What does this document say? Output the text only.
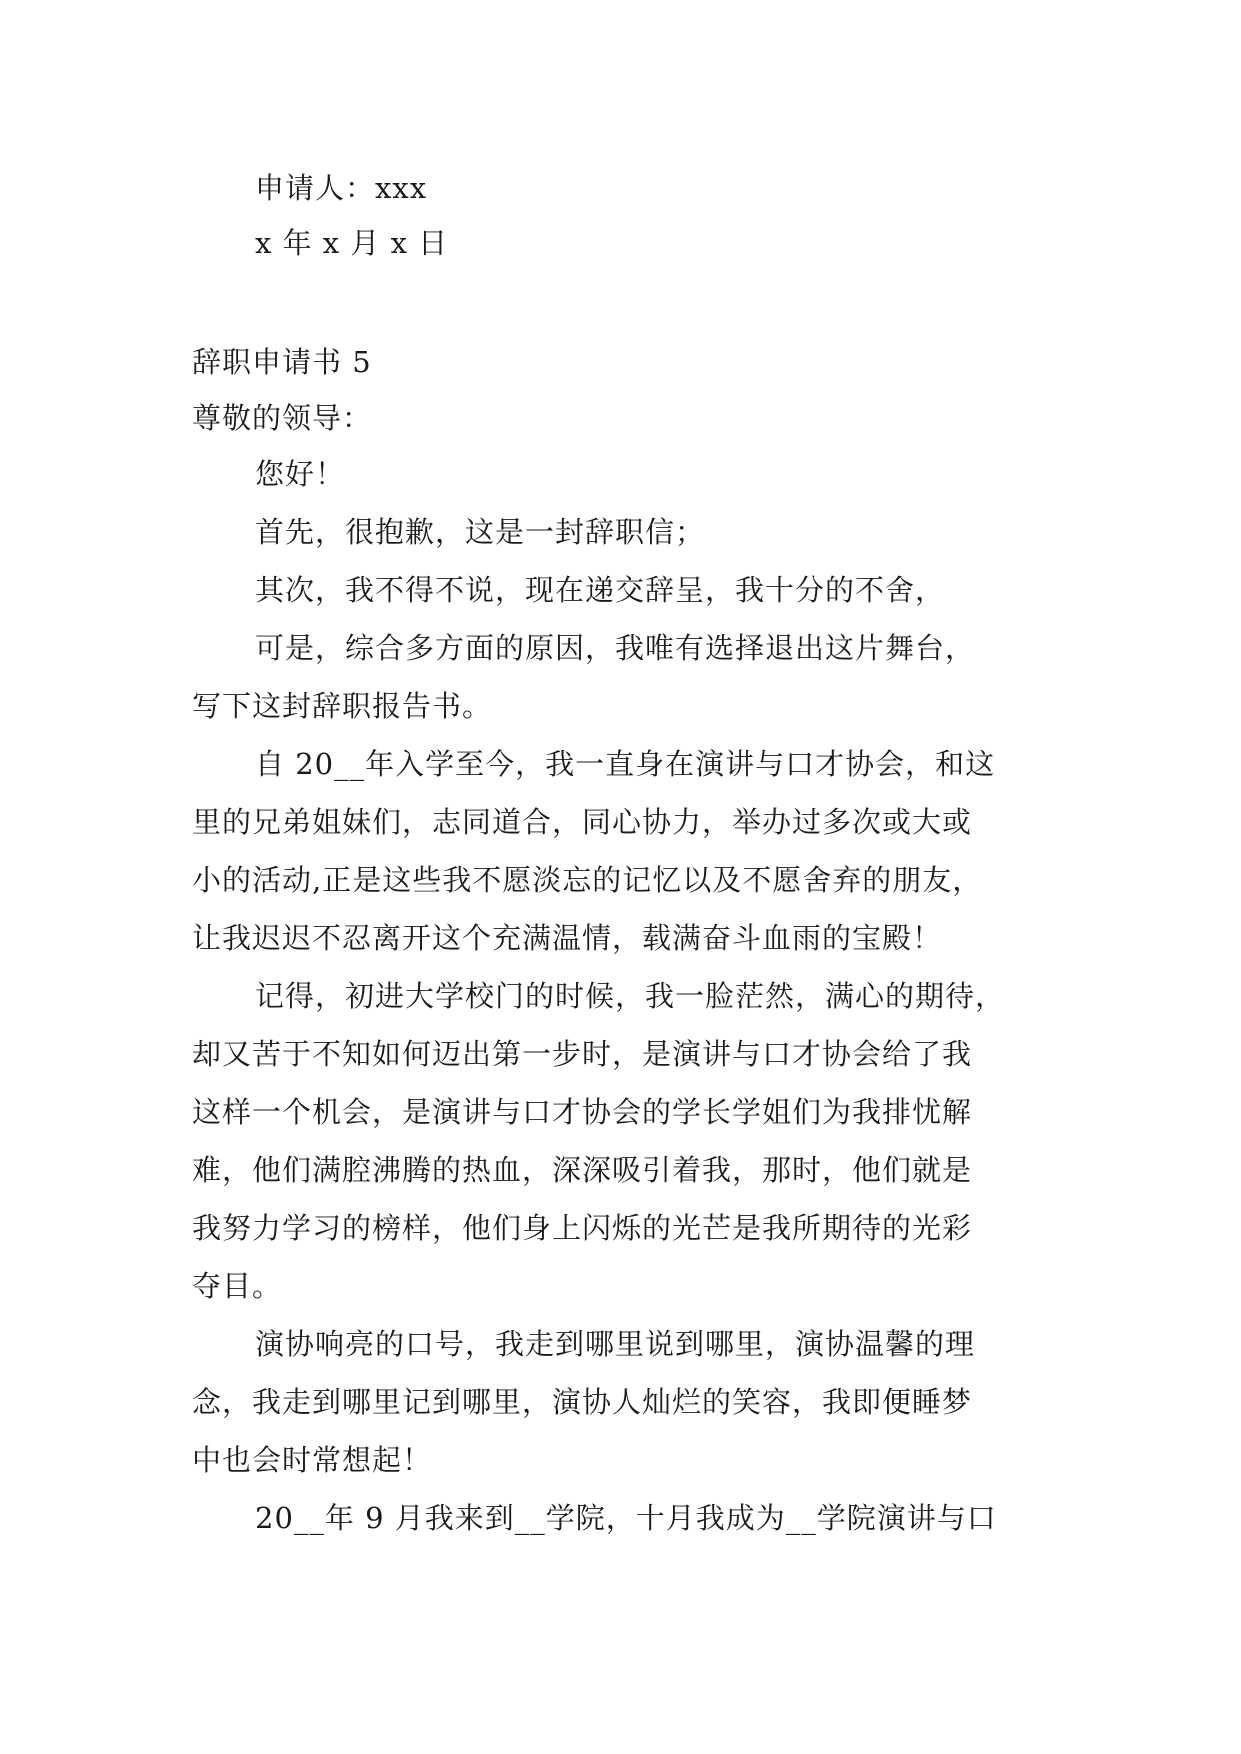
申请人：xxx
x 年 x 月 x 日
辞职申请书 5
尊敬的领导：
您好！
首先，很抱歉，这是一封辞职信；
其次，我不得不说，现在递交辞呈，我十分的不舍，
可是，综合多方面的原因，我唯有选择退出这片舞台，
写下这封辞职报告书。
自 20__年入学至今，我一直身在演讲与口才协会，和这
里的兄弟姐妹们，志同道合，同心协力，举办过多次或大或
小的活动,正是这些我不愿淡忘的记忆以及不愿舍弃的朋友，
让我迟迟不忍离开这个充满温情，载满奋斗血雨的宝殿！
记得，初进大学校门的时候，我一脸茫然，满心的期待，
却又苦于不知如何迈出第一步时，是演讲与口才协会给了我
这样一个机会，是演讲与口才协会的学长学姐们为我排忧解
难，他们满腔沸腾的热血，深深吸引着我，那时，他们就是
我努力学习的榜样，他们身上闪烁的光芒是我所期待的光彩
夺目。
演协响亮的口号，我走到哪里说到哪里，演协温馨的理
念，我走到哪里记到哪里，演协人灿烂的笑容，我即便睡梦
中也会时常想起！
20__年 9 月我来到__学院，十月我成为__学院演讲与口
